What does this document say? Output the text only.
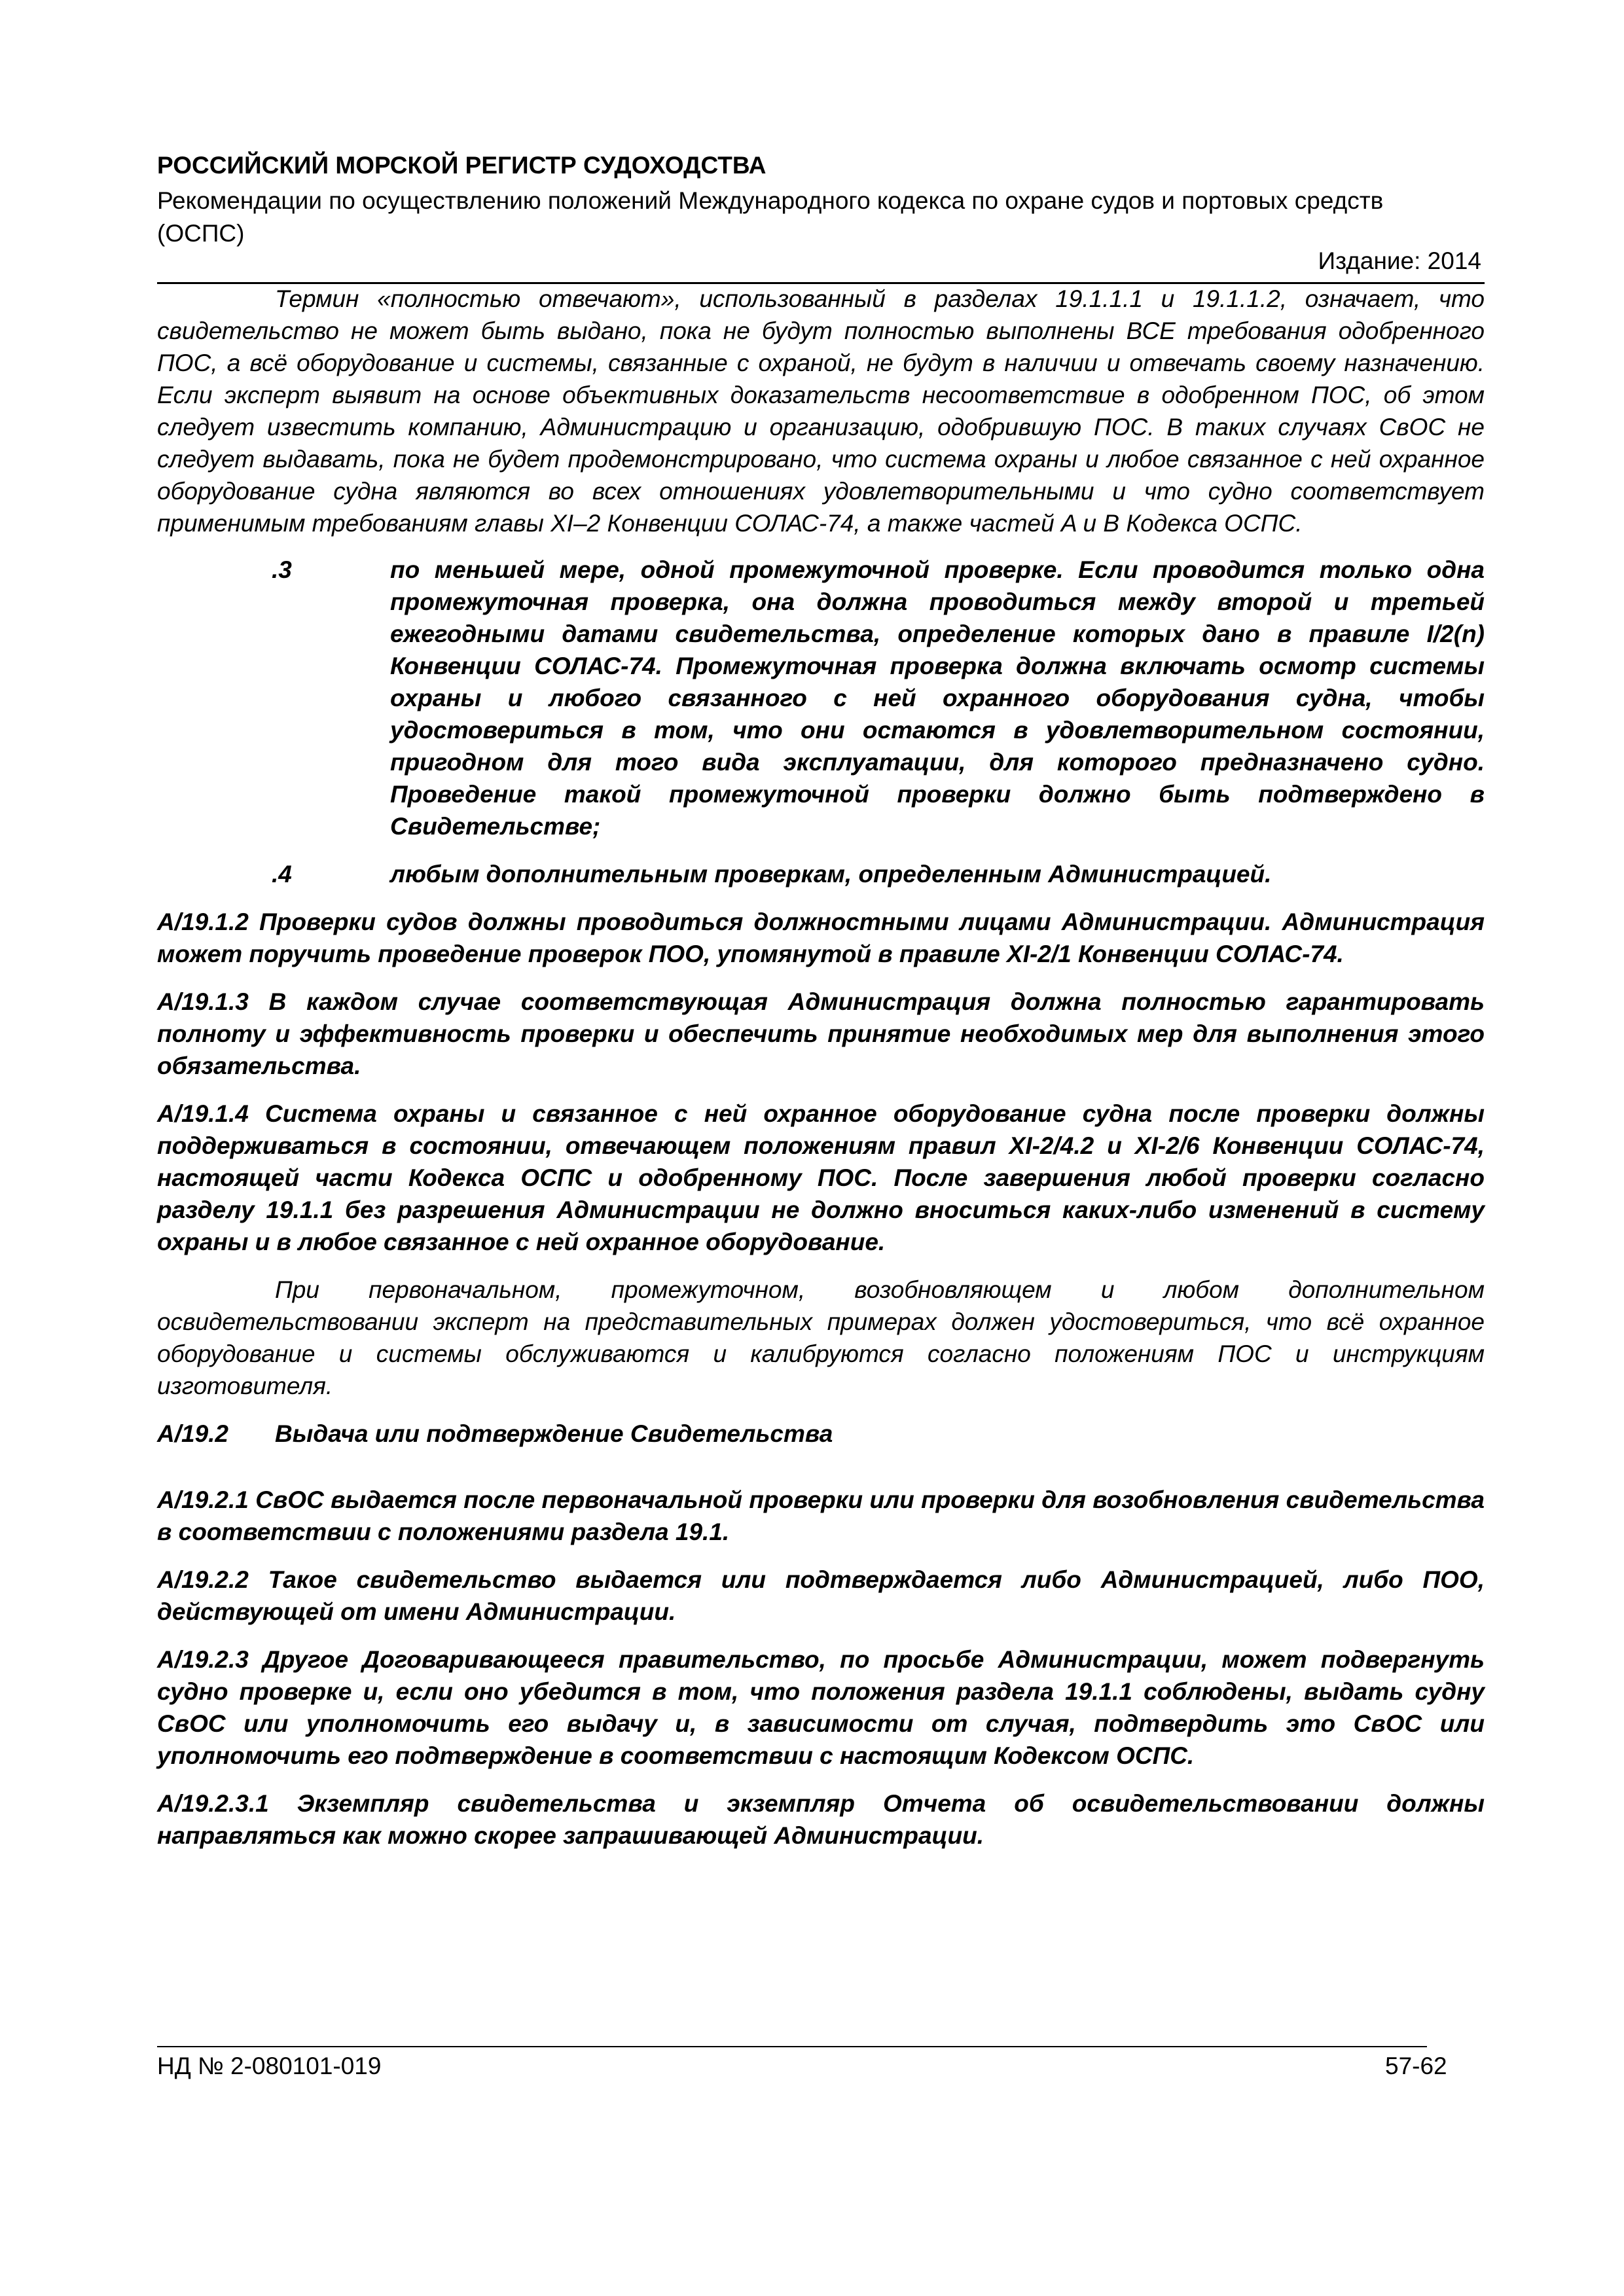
РОССИЙСКИЙ МОРСКОЙ РЕГИСТР СУДОХОДСТВА
Рекомендации по осуществлению положений Международного кодекса по охране судов и портовых средств (ОСПС)
Издание: 2014

Термин «полностью отвечают», использованный в разделах 19.1.1.1 и 19.1.1.2, означает, что свидетельство не может быть выдано, пока не будут полностью выполнены ВСЕ требования одобренного ПОС, а всё оборудование и системы, связанные с охраной, не будут в наличии и отвечать своему назначению. Если эксперт выявит на основе объективных доказательств несоответствие в одобренном ПОС, об этом следует известить компанию, Администрацию и организацию, одобрившую ПОС. В таких случаях СвОС не следует выдавать, пока не будет продемонстрировано, что система охраны и любое связанное с ней охранное оборудование судна являются во всех отношениях удовлетворительными и что судно соответствует применимым требованиям главы XI–2 Конвенции СОЛАС-74, а также частей A и B Кодекса ОСПС.

.3	по меньшей мере, одной промежуточной проверке. Если проводится только одна промежуточная проверка, она должна проводиться между второй и третьей ежегодными датами свидетельства, определение которых дано в правиле I/2(n) Конвенции СОЛАС-74. Промежуточная проверка должна включать осмотр системы охраны и любого связанного с ней охранного оборудования судна, чтобы удостовериться в том, что они остаются в удовлетворительном состоянии, пригодном для того вида эксплуатации, для которого предназначено судно. Проведение такой промежуточной проверки должно быть подтверждено в Свидетельстве;
.4	любым дополнительным проверкам, определенным Администрацией.

A/19.1.2 Проверки судов должны проводиться должностными лицами Администрации. Администрация может поручить проведение проверок ПОО, упомянутой в правиле XI-2/1 Конвенции СОЛАС-74.

A/19.1.3 В каждом случае соответствующая Администрация должна полностью гарантировать полноту и эффективность проверки и обеспечить принятие необходимых мер для выполнения этого обязательства.

A/19.1.4 Система охраны и связанное с ней охранное оборудование судна после проверки должны поддерживаться в состоянии, отвечающем положениям правил XI-2/4.2 и XI-2/6 Конвенции СОЛАС-74, настоящей части Кодекса ОСПС и одобренному ПОС. После завершения любой проверки согласно разделу 19.1.1 без разрешения Администрации не должно вноситься каких-либо изменений в систему охраны и в любое связанное с ней охранное оборудование.

При первоначальном, промежуточном, возобновляющем и любом дополнительном освидетельствовании эксперт на представительных примерах должен удостовериться, что всё охранное оборудование и системы обслуживаются и калибруются согласно положениям ПОС и инструкциям изготовителя.

A/19.2	Выдача или подтверждение Свидетельства

A/19.2.1 СвОС выдается после первоначальной проверки или проверки для возобновления свидетельства в соответствии с положениями раздела 19.1.

A/19.2.2 Такое свидетельство выдается или подтверждается либо Администрацией, либо ПОО, действующей от имени Администрации.

A/19.2.3 Другое Договаривающееся правительство, по просьбе Администрации, может подвергнуть судно проверке и, если оно убедится в том, что положения раздела 19.1.1 соблюдены, выдать судну СвОС или уполномочить его выдачу и, в зависимости от случая, подтвердить это СвОС или уполномочить его подтверждение в соответствии с настоящим Кодексом ОСПС.

A/19.2.3.1 Экземпляр свидетельства и экземпляр Отчета об освидетельствовании должны направляться как можно скорее запрашивающей Администрации.

НД № 2-080101-019	57-62
